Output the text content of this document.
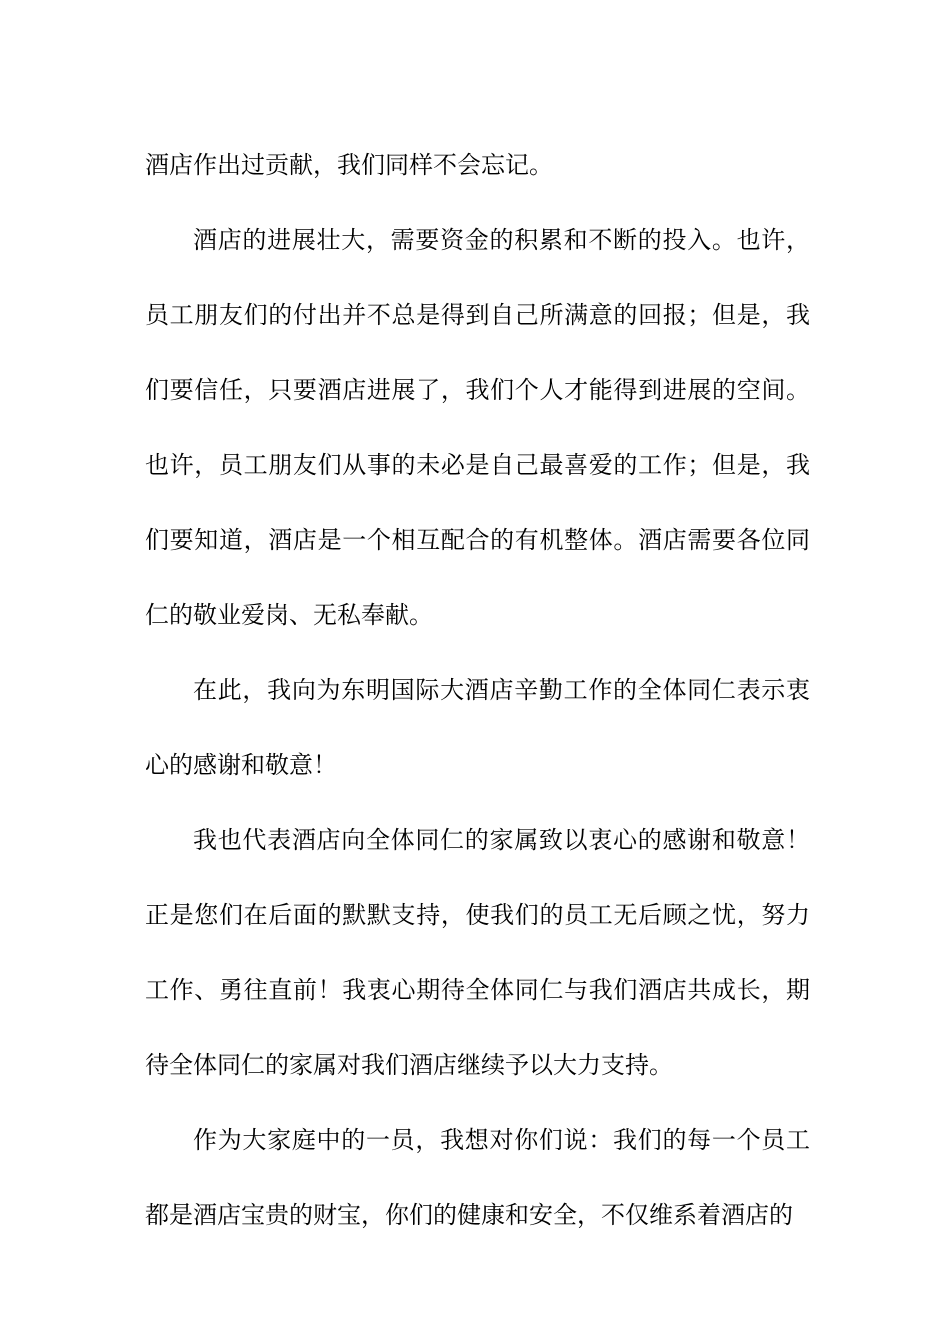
酒店作出过贡献，我们同样不会忘记。

酒店的进展壮大，需要资金的积累和不断的投入。也许，员工朋友们的付出并不总是得到自己所满意的回报；但是，我们要信任，只要酒店进展了，我们个人才能得到进展的空间。也许，员工朋友们从事的未必是自己最喜爱的工作；但是，我们要知道，酒店是一个相互配合的有机整体。酒店需要各位同仁的敬业爱岗、无私奉献。

在此，我向为东明国际大酒店辛勤工作的全体同仁表示衷心的感谢和敬意！

我也代表酒店向全体同仁的家属致以衷心的感谢和敬意！正是您们在后面的默默支持，使我们的员工无后顾之忧，努力工作、勇往直前！我衷心期待全体同仁与我们酒店共成长，期待全体同仁的家属对我们酒店继续予以大力支持。

作为大家庭中的一员，我想对你们说：我们的每一个员工都是酒店宝贵的财宝，你们的健康和安全，不仅维系着酒店的
